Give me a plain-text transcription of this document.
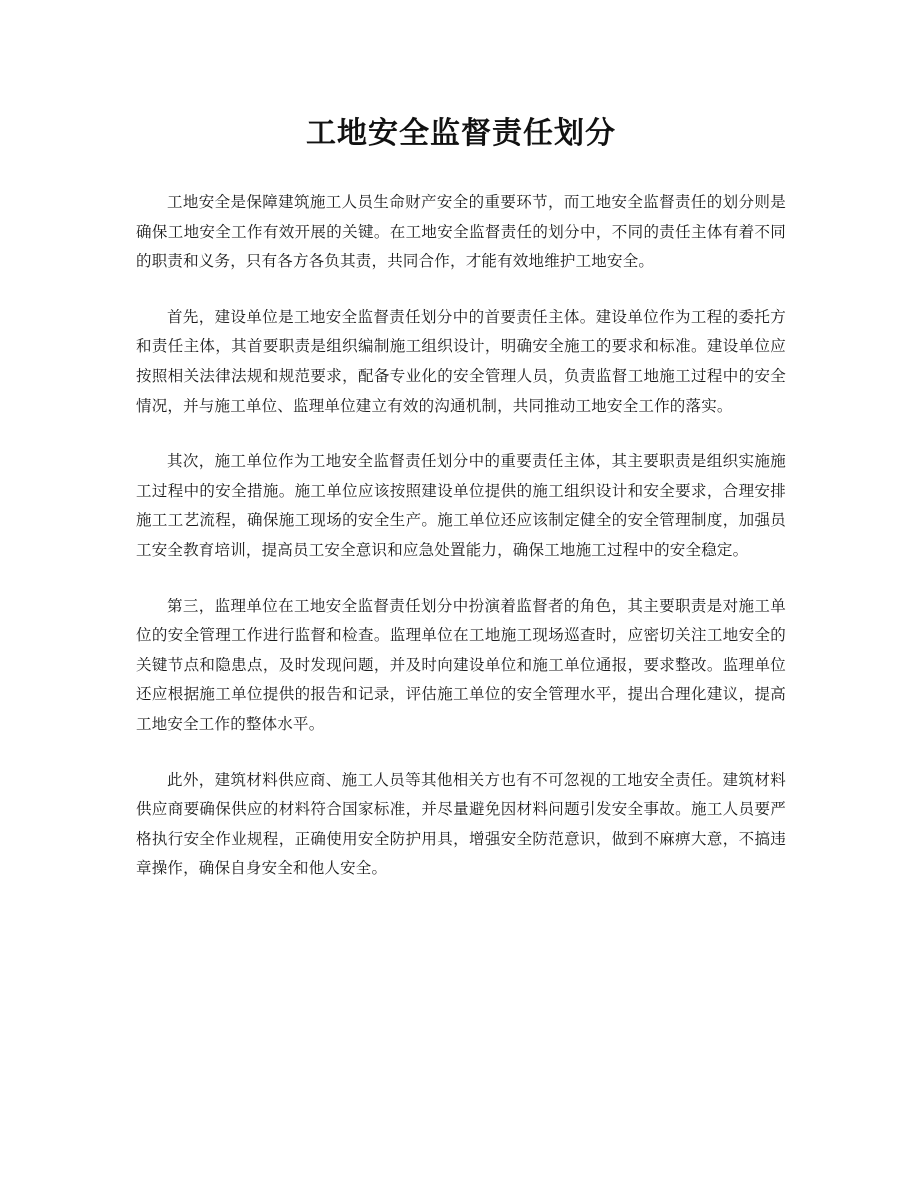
工地安全监督责任划分

工地安全是保障建筑施工人员生命财产安全的重要环节，而工地安全监督责任的划分则是确保工地安全工作有效开展的关键。在工地安全监督责任的划分中，不同的责任主体有着不同的职责和义务，只有各方各负其责，共同合作，才能有效地维护工地安全。

首先，建设单位是工地安全监督责任划分中的首要责任主体。建设单位作为工程的委托方和责任主体，其首要职责是组织编制施工组织设计，明确安全施工的要求和标准。建设单位应按照相关法律法规和规范要求，配备专业化的安全管理人员，负责监督工地施工过程中的安全情况，并与施工单位、监理单位建立有效的沟通机制，共同推动工地安全工作的落实。

其次，施工单位作为工地安全监督责任划分中的重要责任主体，其主要职责是组织实施施工过程中的安全措施。施工单位应该按照建设单位提供的施工组织设计和安全要求，合理安排施工工艺流程，确保施工现场的安全生产。施工单位还应该制定健全的安全管理制度，加强员工安全教育培训，提高员工安全意识和应急处置能力，确保工地施工过程中的安全稳定。

第三，监理单位在工地安全监督责任划分中扮演着监督者的角色，其主要职责是对施工单位的安全管理工作进行监督和检查。监理单位在工地施工现场巡查时，应密切关注工地安全的关键节点和隐患点，及时发现问题，并及时向建设单位和施工单位通报，要求整改。监理单位还应根据施工单位提供的报告和记录，评估施工单位的安全管理水平，提出合理化建议，提高工地安全工作的整体水平。

此外，建筑材料供应商、施工人员等其他相关方也有不可忽视的工地安全责任。建筑材料供应商要确保供应的材料符合国家标准，并尽量避免因材料问题引发安全事故。施工人员要严格执行安全作业规程，正确使用安全防护用具，增强安全防范意识，做到不麻痹大意，不搞违章操作，确保自身安全和他人安全。
